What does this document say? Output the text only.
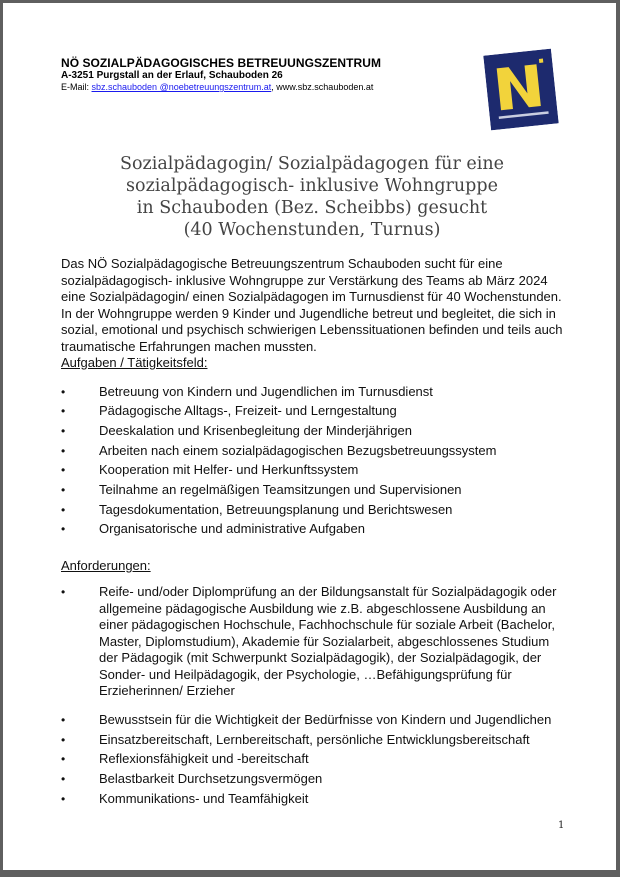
NÖ SOZIALPÄDAGOGISCHES BETREUUNGSZENTRUM
A-3251 Purgstall an der Erlauf, Schauboden 26
E-Mail: sbz.schauboden @noebetreuungszentrum.at, www.sbz.schauboden.at
Sozialpädagogin/ Sozialpädagogen für eine
sozialpädagogisch- inklusive Wohngruppe
in Schauboden (Bez. Scheibbs) gesucht
(40 Wochenstunden, Turnus)

Das NÖ Sozialpädagogische Betreuungszentrum Schauboden sucht für eine sozialpädagogisch- inklusive Wohngruppe zur Verstärkung des Teams ab März 2024 eine Sozialpädagogin/ einen Sozialpädagogen im Turnusdienst für 40 Wochenstunden. In der Wohngruppe werden 9 Kinder und Jugendliche betreut und begleitet, die sich in sozial, emotional und psychisch schwierigen Lebenssituationen befinden und teils auch traumatische Erfahrungen machen mussten.

Aufgaben / Tätigkeitsfeld:
•	Betreuung von Kindern und Jugendlichen im Turnusdienst
•	Pädagogische Alltags-, Freizeit- und Lerngestaltung
•	Deeskalation und Krisenbegleitung der Minderjährigen
•	Arbeiten nach einem sozialpädagogischen Bezugsbetreuungssystem
•	Kooperation mit Helfer- und Herkunftssystem
•	Teilnahme an regelmäßigen Teamsitzungen und Supervisionen
•	Tagesdokumentation, Betreuungsplanung und Berichtswesen
•	Organisatorische und administrative Aufgaben
Anforderungen:
•	Reife- und/oder Diplomprüfung an der Bildungsanstalt für Sozialpädagogik oder allgemeine pädagogische Ausbildung wie z.B. abgeschlossene Ausbildung an einer pädagogischen Hochschule, Fachhochschule für soziale Arbeit (Bachelor, Master, Diplomstudium), Akademie für Sozialarbeit, abgeschlossenes Studium der Pädagogik (mit Schwerpunkt Sozialpädagogik), der Sozialpädagogik, der Sonder- und Heilpädagogik, der Psychologie, …Befähigungsprüfung für Erzieherinnen/ Erzieher
•	Bewusstsein für die Wichtigkeit der Bedürfnisse von Kindern und Jugendlichen
•	Einsatzbereitschaft, Lernbereitschaft, persönliche Entwicklungsbereitschaft
•	Reflexionsfähigkeit und -bereitschaft
•	Belastbarkeit Durchsetzungsvermögen
•	Kommunikations- und Teamfähigkeit
1
